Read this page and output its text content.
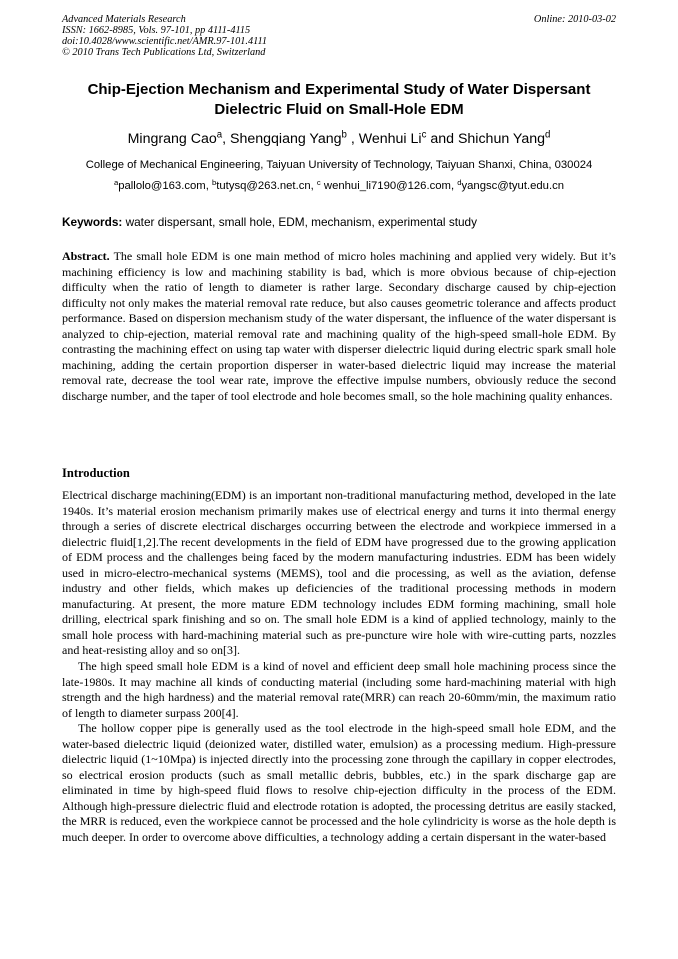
Advanced Materials Research
ISSN: 1662-8985, Vols. 97-101, pp 4111-4115
doi:10.4028/www.scientific.net/AMR.97-101.4111
© 2010 Trans Tech Publications Ltd, Switzerland
Online: 2010-03-02
Chip-Ejection Mechanism and Experimental Study of Water Dispersant
Dielectric Fluid on Small-Hole EDM
Mingrang Cao$^a$, Shengqiang Yang$^b$ , Wenhui Li$^c$ and Shichun Yang$^d$
College of Mechanical Engineering, Taiyuan University of Technology, Taiyuan Shanxi, China, 030024
$^a$pallolo@163.com, $^b$tutysq@263.net.cn, $^c$ wenhui_li7190@126.com, $^d$yangsc@tyut.edu.cn
Keywords: water dispersant, small hole, EDM, mechanism, experimental study
Abstract. The small hole EDM is one main method of micro holes machining and applied very widely. But it’s machining efficiency is low and machining stability is bad, which is more obvious because of chip-ejection difficulty when the ratio of length to diameter is rather large. Secondary discharge caused by chip-ejection difficulty not only makes the material removal rate reduce, but also causes geometric tolerance and affects product performance. Based on dispersion mechanism study of the water dispersant, the influence of the water dispersant is analyzed to chip-ejection, material removal rate and machining quality of the high-speed small-hole EDM. By contrasting the machining effect on using tap water with disperser dielectric liquid during electric spark small hole machining, adding the certain proportion disperser in water-based dielectric liquid may increase the material removal rate, decrease the tool wear rate, improve the effective impulse numbers, obviously reduce the second discharge number, and the taper of tool electrode and hole becomes small, so the hole machining quality enhances.
Introduction

Electrical discharge machining(EDM) is an important non-traditional manufacturing method, developed in the late 1940s. It’s material erosion mechanism primarily makes use of electrical energy and turns it into thermal energy through a series of discrete electrical discharges occurring between the electrode and workpiece immersed in a dielectric fluid[1,2].The recent developments in the field of EDM have progressed due to the growing application of EDM process and the challenges being faced by the modern manufacturing industries. EDM has been widely used in micro-electro-mechanical systems (MEMS), tool and die processing, as well as the aviation, defense industry and other fields, which makes up deficiencies of the traditional processing methods in modern manufacturing. At present, the more mature EDM technology includes EDM forming machining, small hole drilling, electrical spark finishing and so on. The small hole EDM is a kind of applied technology, mainly to the small hole process with hard-machining material such as pre-puncture wire hole with wire-cutting parts, nozzles and heat-resisting alloy and so on[3].

The high speed small hole EDM is a kind of novel and efficient deep small hole machining process since the late-1980s. It may machine all kinds of conducting material (including some hard-machining material with high strength and the high hardness) and the material removal rate(MRR) can reach 20-60mm/min, the maximum ratio of length to diameter surpass 200[4].

The hollow copper pipe is generally used as the tool electrode in the high-speed small hole EDM, and the water-based dielectric liquid (deionized water, distilled water, emulsion) as a processing medium. High-pressure dielectric liquid (1~10Mpa) is injected directly into the processing zone through the capillary in copper electrodes, so electrical erosion products (such as small metallic debris, bubbles, etc.) in the spark discharge gap are eliminated in time by high-speed fluid flows to resolve chip-ejection difficulty in the process of the EDM. Although high-pressure dielectric fluid and electrode rotation is adopted, the processing detritus are easily stacked, the MRR is reduced, even the workpiece cannot be processed and the hole cylindricity is worse as the hole depth is much deeper. In order to overcome above difficulties, a technology adding a certain dispersant in the water-based
